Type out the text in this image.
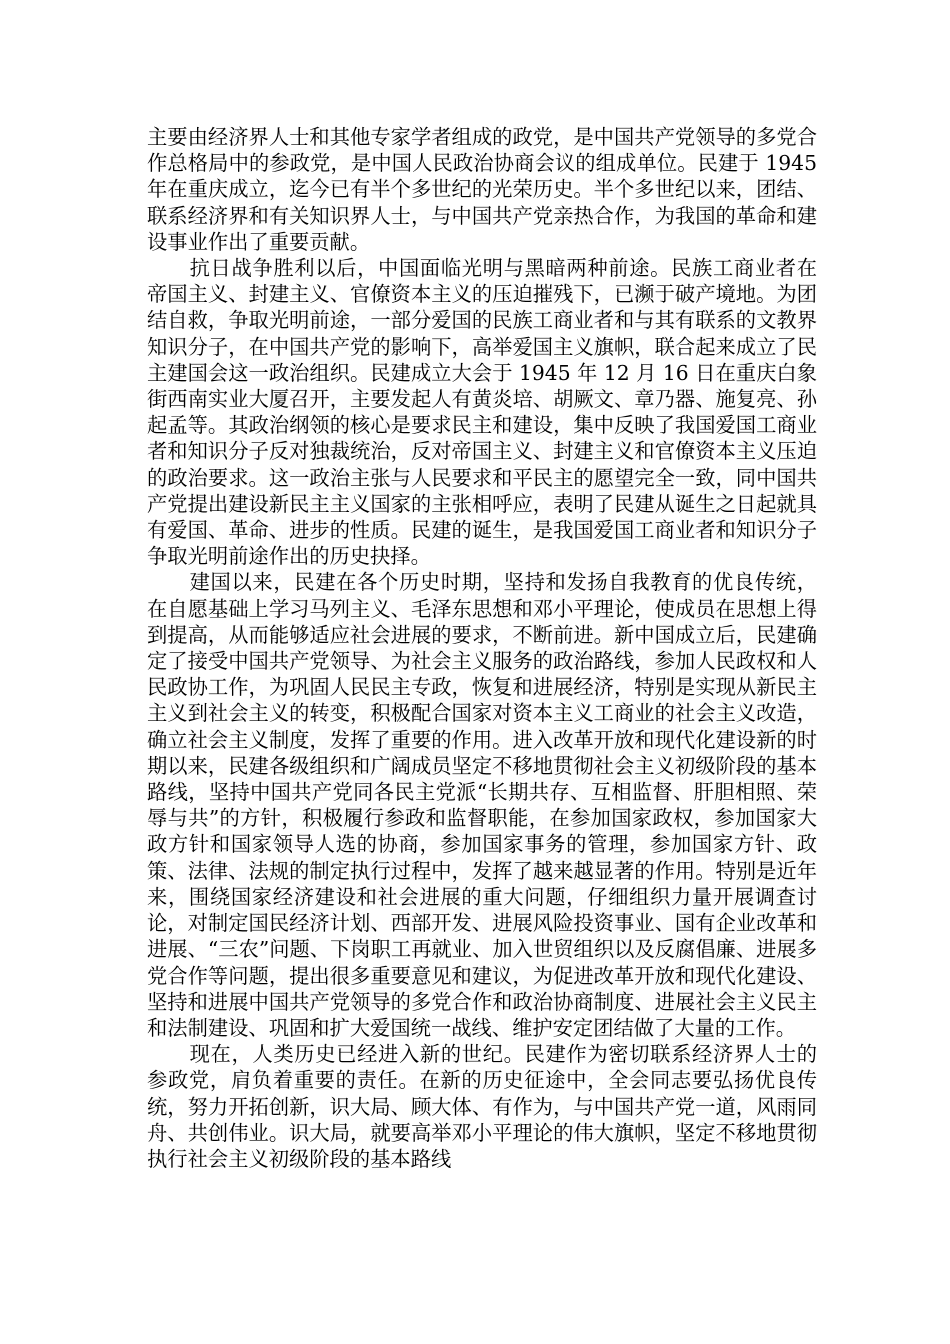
主要由经济界人士和其他专家学者组成的政党，是中国共产党领导的多党合作总格局中的参政党，是中国人民政治协商会议的组成单位。民建于 1945 年在重庆成立，迄今已有半个多世纪的光荣历史。半个多世纪以来，团结、联系经济界和有关知识界人士，与中国共产党亲热合作，为我国的革命和建设事业作出了重要贡献。

抗日战争胜利以后，中国面临光明与黑暗两种前途。民族工商业者在帝国主义、封建主义、官僚资本主义的压迫摧残下，已濒于破产境地。为团结自救，争取光明前途，一部分爱国的民族工商业者和与其有联系的文教界知识分子，在中国共产党的影响下，高举爱国主义旗帜，联合起来成立了民主建国会这一政治组织。民建成立大会于 1945 年 12 月 16 日在重庆白象街西南实业大厦召开，主要发起人有黄炎培、胡厥文、章乃器、施复亮、孙起孟等。其政治纲领的核心是要求民主和建设，集中反映了我国爱国工商业者和知识分子反对独裁统治，反对帝国主义、封建主义和官僚资本主义压迫的政治要求。这一政治主张与人民要求和平民主的愿望完全一致，同中国共产党提出建设新民主主义国家的主张相呼应，表明了民建从诞生之日起就具有爱国、革命、进步的性质。民建的诞生，是我国爱国工商业者和知识分子争取光明前途作出的历史抉择。

建国以来，民建在各个历史时期，坚持和发扬自我教育的优良传统，在自愿基础上学习马列主义、毛泽东思想和邓小平理论，使成员在思想上得到提高，从而能够适应社会进展的要求，不断前进。新中国成立后，民建确定了接受中国共产党领导、为社会主义服务的政治路线，参加人民政权和人民政协工作，为巩固人民民主专政，恢复和进展经济，特别是实现从新民主主义到社会主义的转变，积极配合国家对资本主义工商业的社会主义改造，确立社会主义制度，发挥了重要的作用。进入改革开放和现代化建设新的时期以来，民建各级组织和广阔成员坚定不移地贯彻社会主义初级阶段的基本路线，坚持中国共产党同各民主党派“长期共存、互相监督、肝胆相照、荣辱与共”的方针，积极履行参政和监督职能，在参加国家政权，参加国家大政方针和国家领导人选的协商，参加国家事务的管理，参加国家方针、政策、法律、法规的制定执行过程中，发挥了越来越显著的作用。特别是近年来，围绕国家经济建设和社会进展的重大问题，仔细组织力量开展调查讨论，对制定国民经济计划、西部开发、进展风险投资事业、国有企业改革和进展、“三农”问题、下岗职工再就业、加入世贸组织以及反腐倡廉、进展多党合作等问题，提出很多重要意见和建议，为促进改革开放和现代化建设、坚持和进展中国共产党领导的多党合作和政治协商制度、进展社会主义民主和法制建设、巩固和扩大爱国统一战线、维护安定团结做了大量的工作。

现在，人类历史已经进入新的世纪。民建作为密切联系经济界人士的参政党，肩负着重要的责任。在新的历史征途中，全会同志要弘扬优良传统，努力开拓创新，识大局、顾大体、有作为，与中国共产党一道，风雨同舟、共创伟业。识大局，就要高举邓小平理论的伟大旗帜，坚定不移地贯彻执行社会主义初级阶段的基本路线
